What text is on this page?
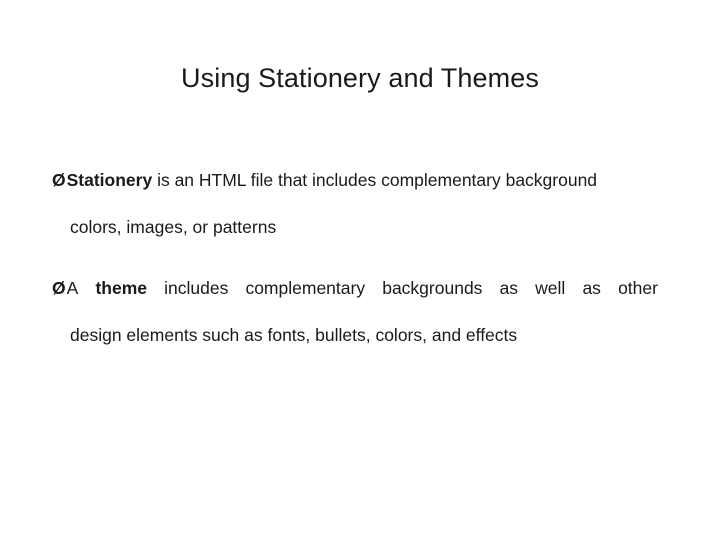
Using Stationery and Themes
ØStationery is an HTML file that includes complementary background
colors, images, or patterns
ØA theme includes complementary backgrounds as well as other
design elements such as fonts, bullets, colors, and effects
